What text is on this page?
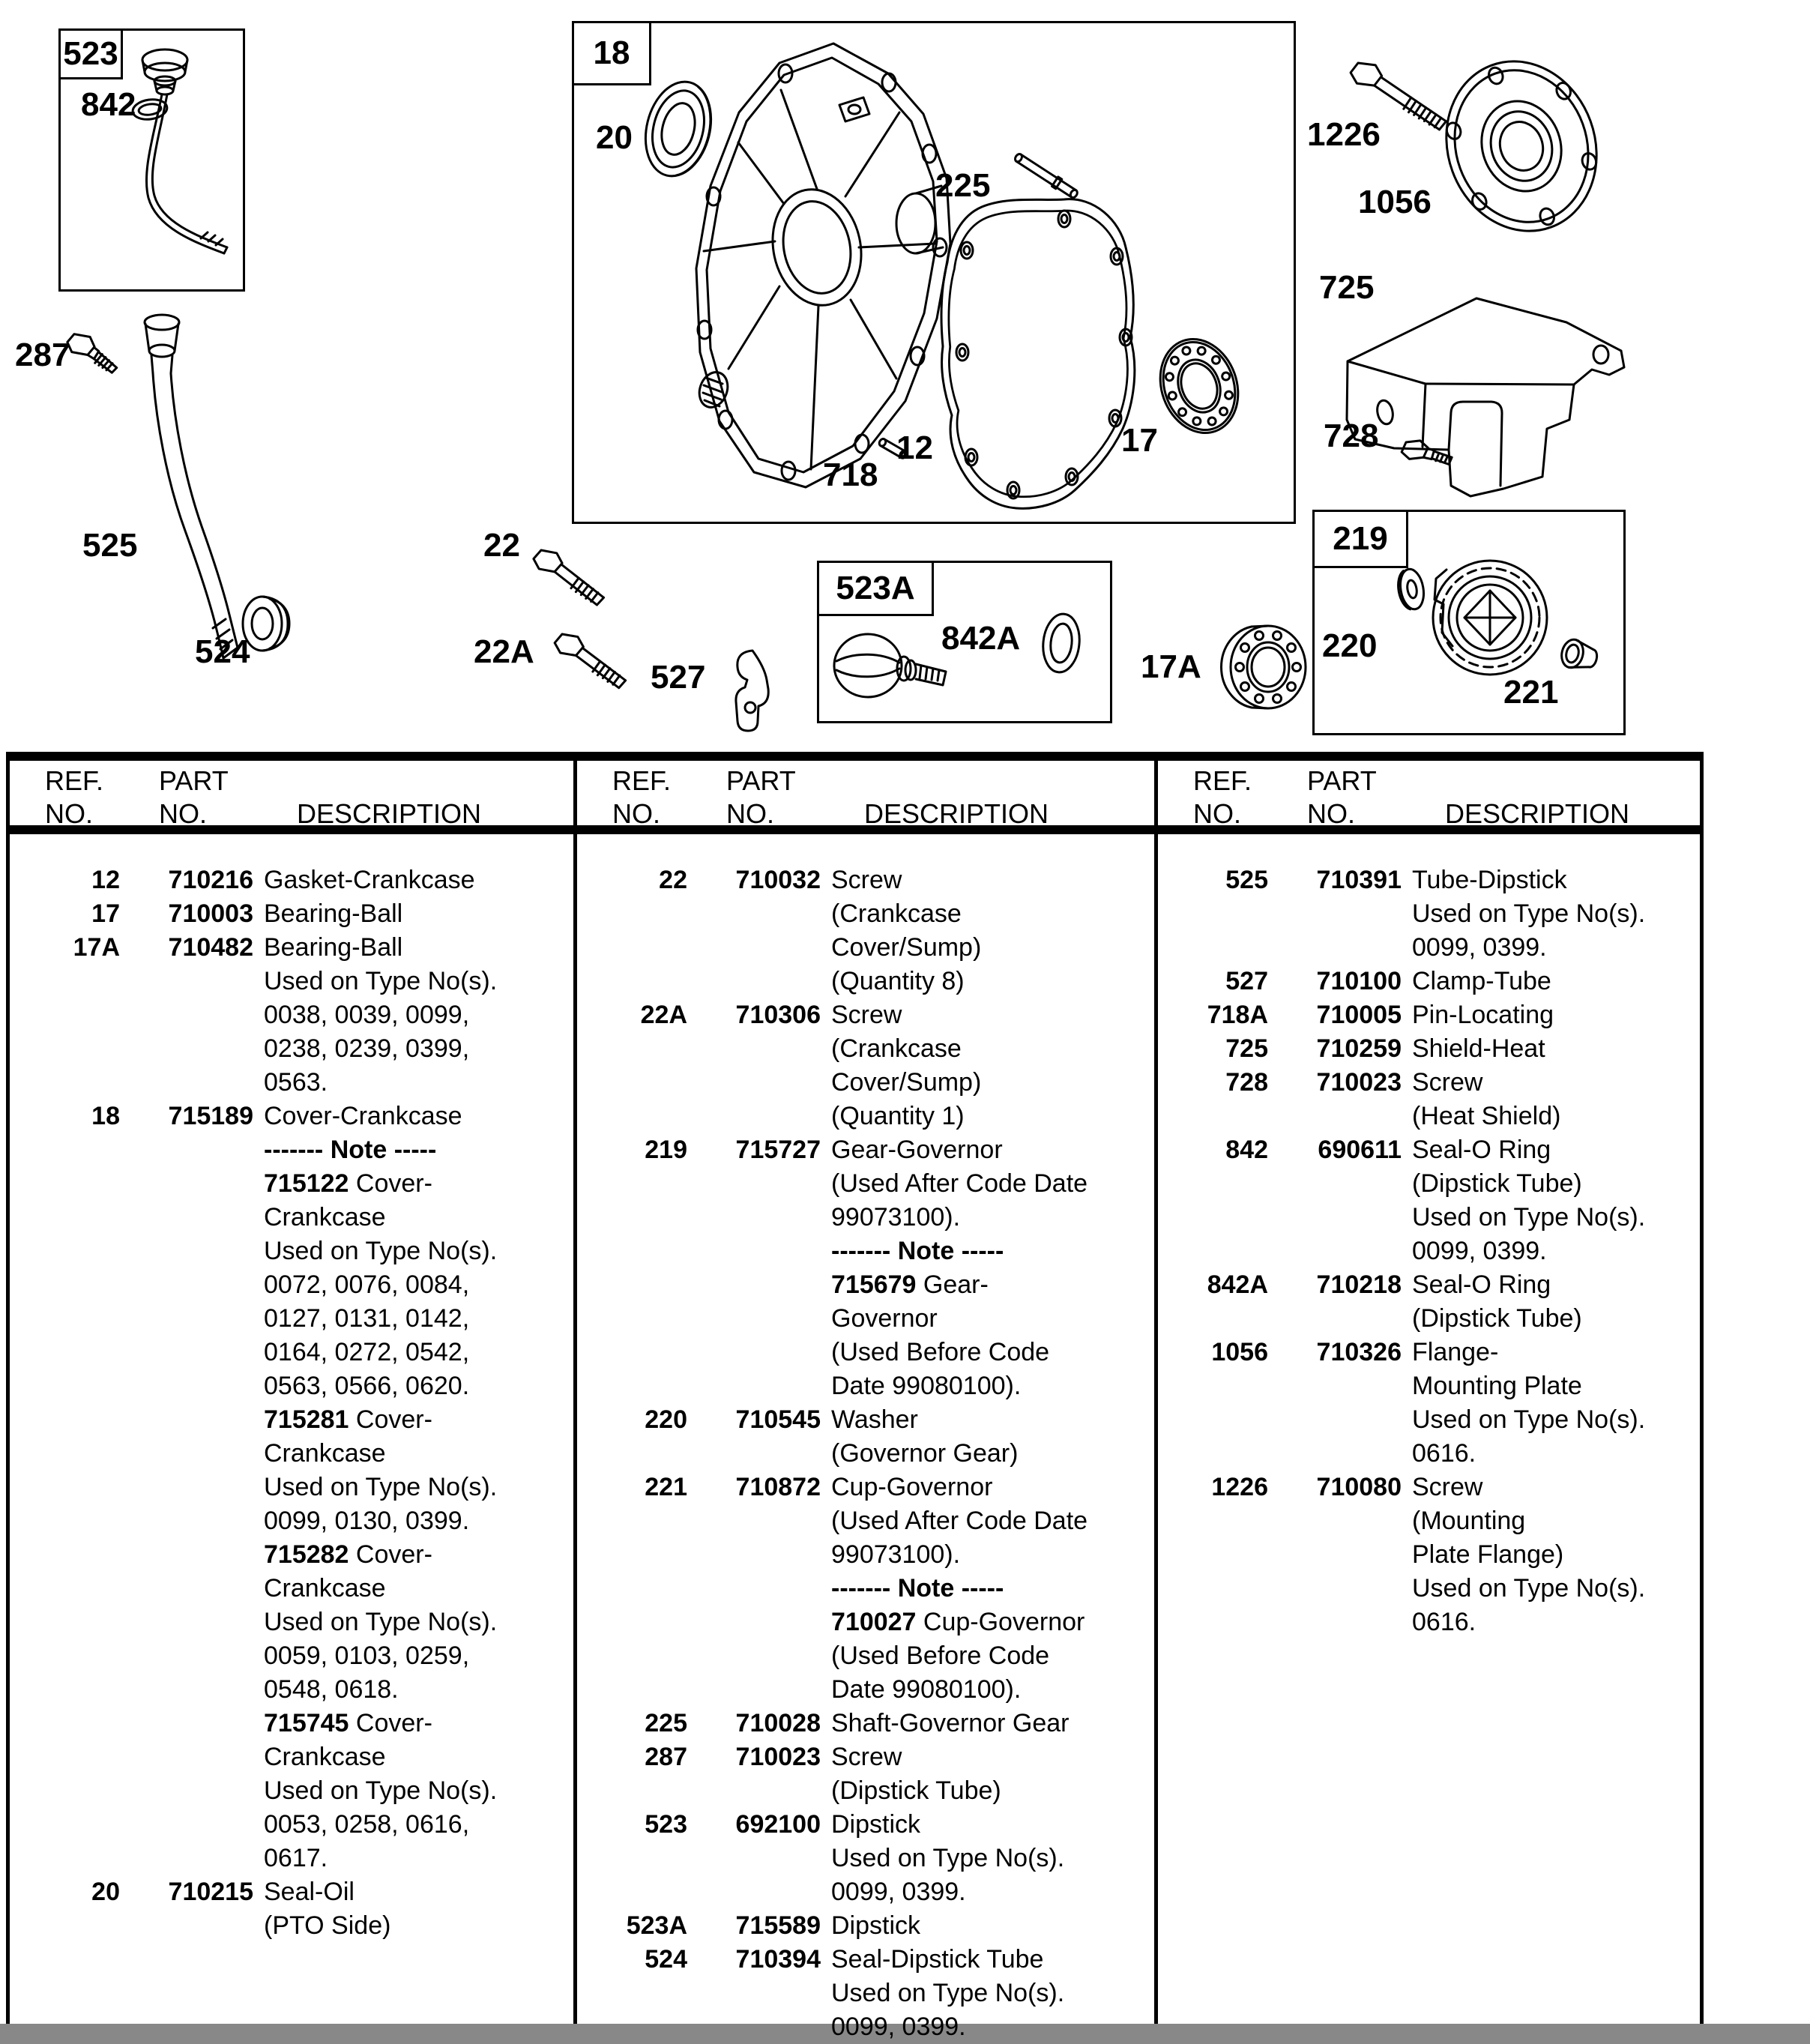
523	18
523A
219
842
287
525
524
22
22A
527
20
225
718
12	17
842A
1226
1056
725
728
17A
220
221
REF.
NO.
PART
NO.	DESCRIPTION
REF.
NO.
PART
NO.	DESCRIPTION
REF.
NO.
PART
NO.	DESCRIPTION
12	710216 Gasket-Crankcase
17	710003 Bearing-Ball
17A	710482 Bearing-Ball
Used on Type No(s).
0038, 0039, 0099,
0238, 0239, 0399,
0563.
18	715189 Cover-Crankcase
------- Note -----
715122 Cover-
Crankcase
Used on Type No(s).
0072, 0076, 0084,
0127, 0131, 0142,
0164, 0272, 0542,
0563, 0566, 0620.
715281 Cover-
Crankcase
Used on Type No(s).
0099, 0130, 0399.
715282 Cover-
Crankcase
Used on Type No(s).
0059, 0103, 0259,
0548, 0618.
715745 Cover-
Crankcase
Used on Type No(s).
0053, 0258, 0616,
0617.
20	710215 Seal-Oil
(PTO Side)
22	710032 Screw
(Crankcase
Cover/Sump)
(Quantity 8)
22A	710306 Screw
(Crankcase
Cover/Sump)
(Quantity 1)
219	715727 Gear-Governor
(Used After Code Date
99073100).
------- Note -----
715679 Gear-
Governor
(Used Before Code
Date 99080100).
220	710545 Washer
(Governor Gear)
221	710872 Cup-Governor
(Used After Code Date
99073100).
------- Note -----
710027 Cup-Governor
(Used Before Code
Date 99080100).
225	710028 Shaft-Governor Gear
287	710023 Screw
(Dipstick Tube)
523	692100 Dipstick
Used on Type No(s).
0099, 0399.
523A	715589 Dipstick
524	710394 Seal-Dipstick Tube
Used on Type No(s).
0099, 0399.
525	710391 Tube-Dipstick
Used on Type No(s).
0099, 0399.
527	710100 Clamp-Tube
718A	710005 Pin-Locating
725	710259 Shield-Heat
728	710023 Screw
(Heat Shield)
842	690611 Seal-O Ring
(Dipstick Tube)
Used on Type No(s).
0099, 0399.
842A	710218 Seal-O Ring
(Dipstick Tube)
1056	710326 Flange-
Mounting Plate
Used on Type No(s).
0616.
1226	710080 Screw
(Mounting
Plate Flange)
Used on Type No(s).
0616.
